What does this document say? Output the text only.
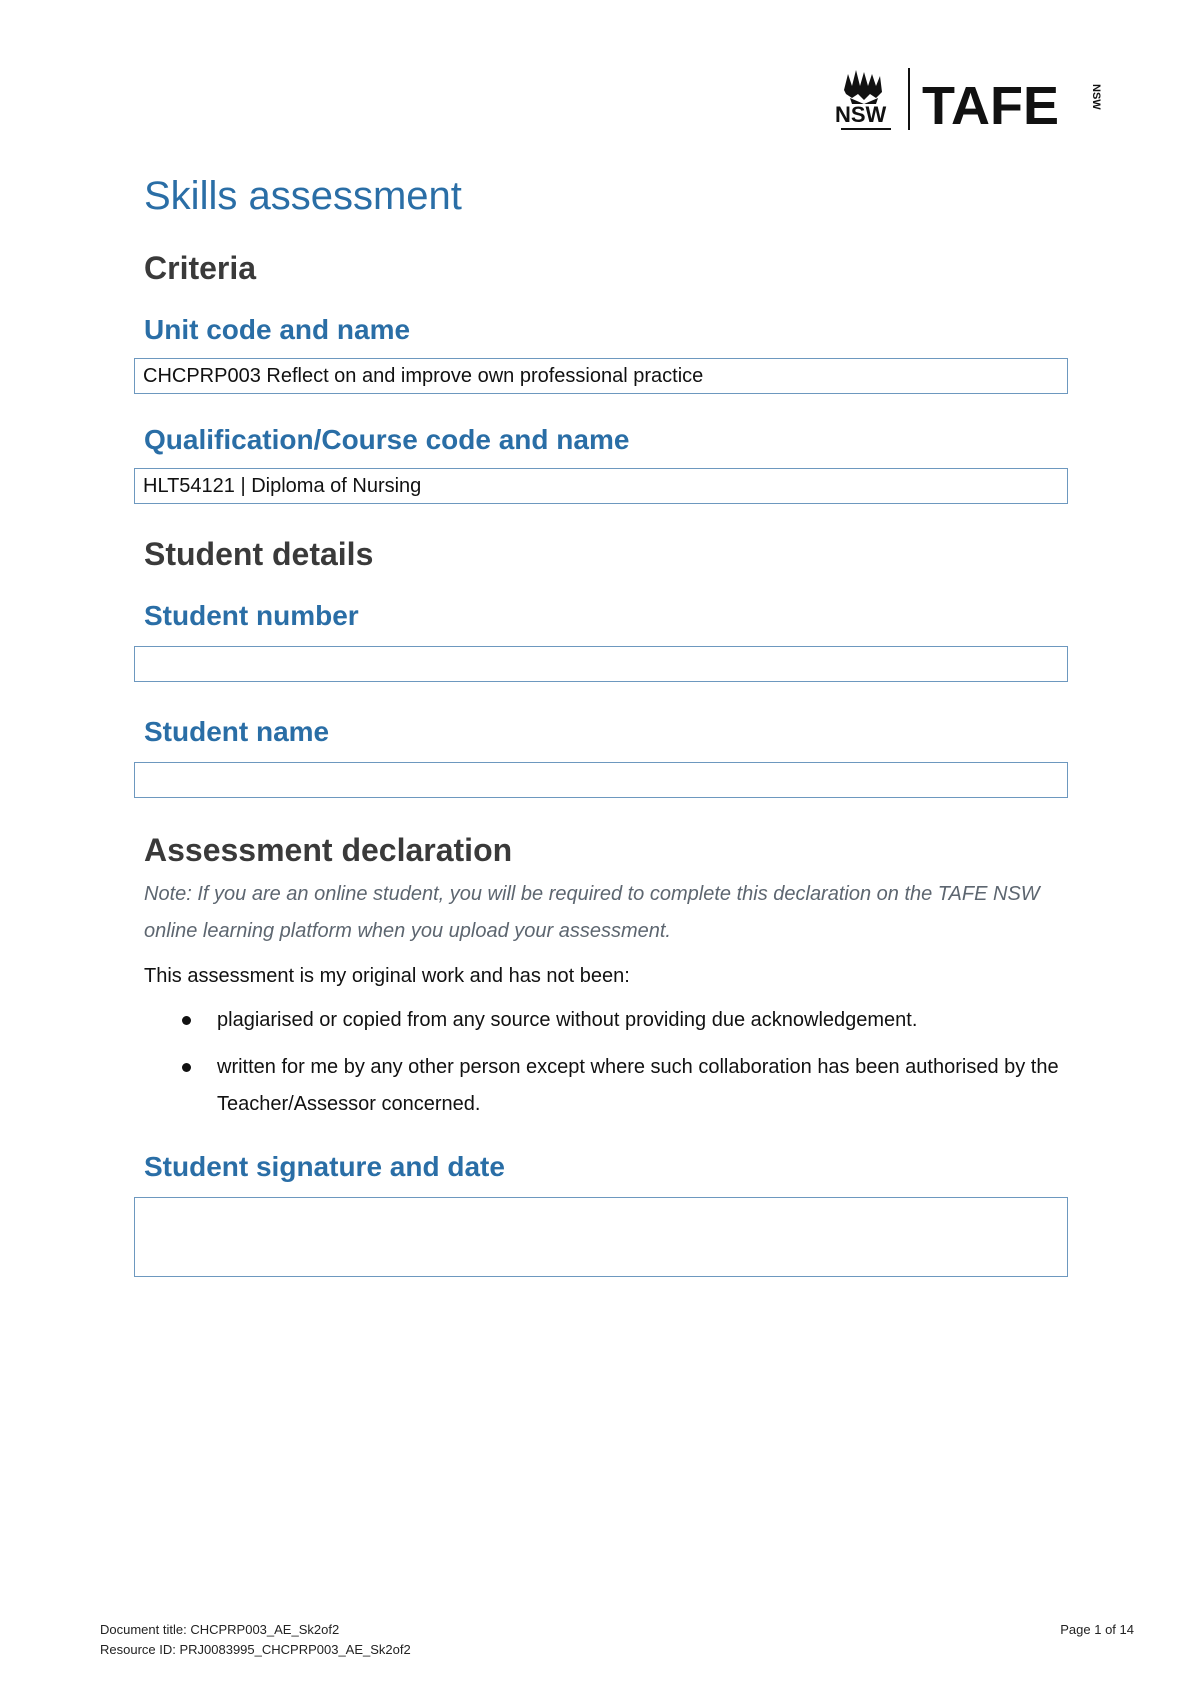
NSW TAFE	NSW
Skills assessment
Criteria
Unit code and name
CHCPRP003 Reflect on and improve own professional practice
Qualification/Course code and name
HLT54121 | Diploma of Nursing
Student details
Student number
Student name
Assessment declaration

Note: If you are an online student, you will be required to complete this declaration on the TAFE NSW online learning platform when you upload your assessment.

This assessment is my original work and has not been:

plagiarised or copied from any source without providing due acknowledgement.
written for me by any other person except where such collaboration has been authorised by the Teacher/Assessor concerned.
Student signature and date
Document title: CHCPRP003_AE_Sk2of2	Page 1 of 14
Resource ID: PRJ0083995_CHCPRP003_AE_Sk2of2
